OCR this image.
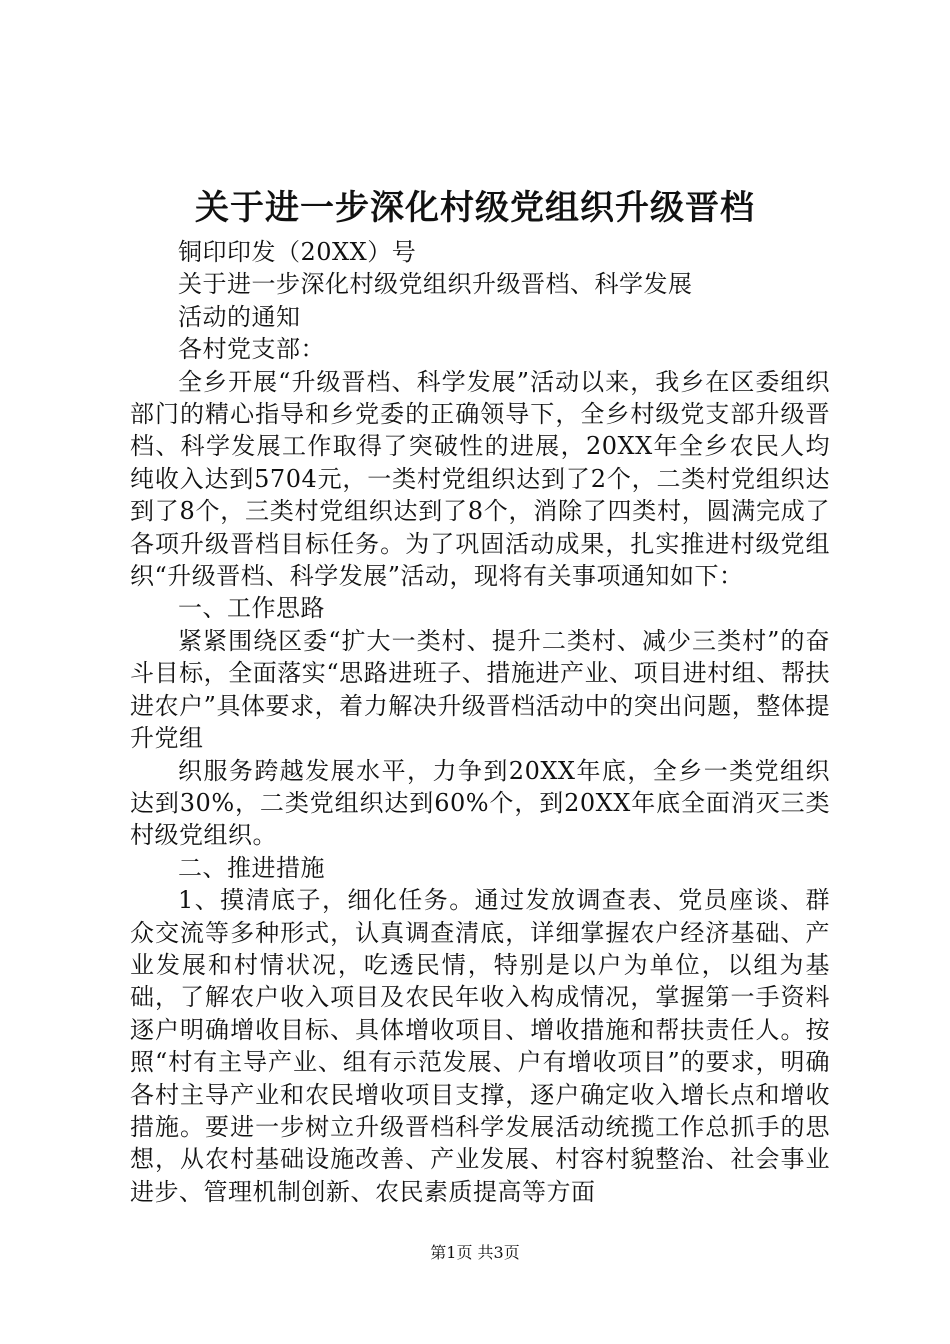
关于进一步深化村级党组织升级晋档

铜印印发（20XX）号

关于进一步深化村级党组织升级晋档、科学发展

活动的通知

各村党支部：

全乡开展“升级晋档、科学发展”活动以来，我乡在区委组织部门的精心指导和乡党委的正确领导下，全乡村级党支部升级晋档、科学发展工作取得了突破性的进展，20XX年全乡农民人均纯收入达到5704元，一类村党组织达到了2个，二类村党组织达到了8个，三类村党组织达到了8个，消除了四类村，圆满完成了各项升级晋档目标任务。为了巩固活动成果，扎实推进村级党组织“升级晋档、科学发展”活动，现将有关事项通知如下：

一、工作思路

紧紧围绕区委“扩大一类村、提升二类村、减少三类村”的奋斗目标，全面落实“思路进班子、措施进产业、项目进村组、帮扶进农户”具体要求，着力解决升级晋档活动中的突出问题，整体提升党组

织服务跨越发展水平，力争到20XX年底，全乡一类党组织达到30%，二类党组织达到60%个，到20XX年底全面消灭三类村级党组织。

二、推进措施

1、摸清底子，细化任务。通过发放调查表、党员座谈、群众交流等多种形式，认真调查清底，详细掌握农户经济基础、产业发展和村情状况，吃透民情，特别是以户为单位，以组为基础，了解农户收入项目及农民年收入构成情况，掌握第一手资料逐户明确增收目标、具体增收项目、增收措施和帮扶责任人。按照“村有主导产业、组有示范发展、户有增收项目”的要求，明确各村主导产业和农民增收项目支撑，逐户确定收入增长点和增收措施。要进一步树立升级晋档科学发展活动统揽工作总抓手的思想，从农村基础设施改善、产业发展、村容村貌整治、社会事业进步、管理机制创新、农民素质提高等方面

第1页 共3页
